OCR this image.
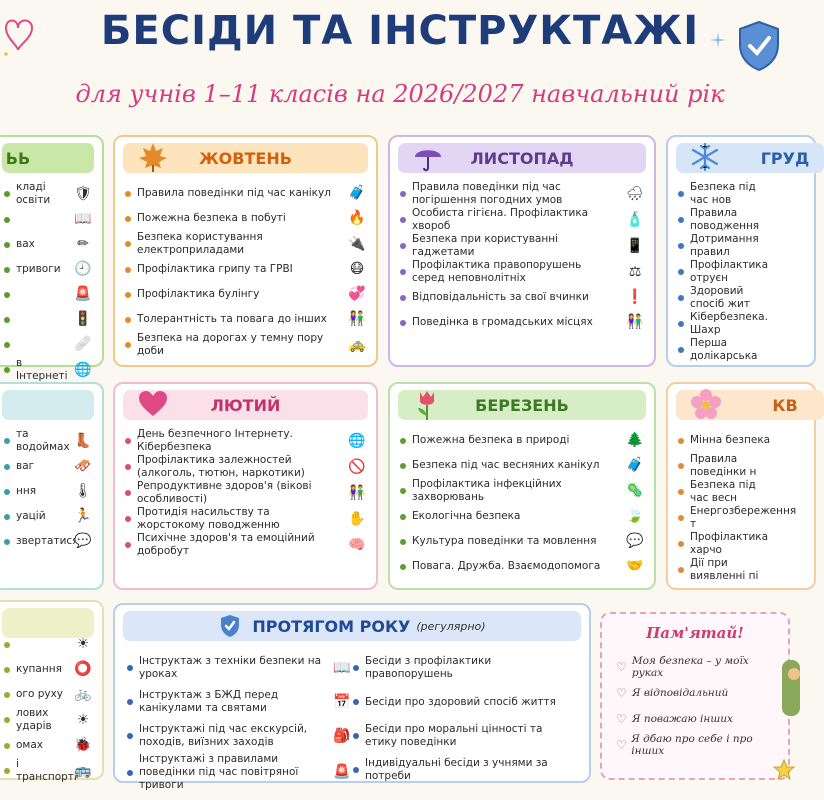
БЕСІДИ ТА ІНСТРУКТАЖІ
для учнів 1–11 класів на 2026/2027 навчальний рік
ЬЬ
кладі освіти	🛡
📖
вах	✏
тривоги 🕘
🚨
🚦
🩹
в Інтернеті 🌐
ЖОВТЕНЬ
Правила поведінки під час канікул 🧳
Пожежна безпека в побуті	🔥
Безпека користування електроприладами	🔌
Профілактика грипу та ГРВІ	😷
Профілактика булінгу	💞
Толерантність та повага до інших 👫
Безпека на дорогах у темну пору доби	🚕
ЛИСТОПАД
Правила поведінки під час погіршення погодних умов	🌧
Особиста гігієна. Профілактика хвороб	🧴
Безпека при користуванні гаджетами	📱
Профілактика правопорушень серед неповнолітніх	⚖
Відповідальність за свої вчинки	❗
Поведінка в громадських місцях 👫
ГРУД
Безпека під час нов
Правила поводження
Дотримання правил
Профілактика отруєн
Здоровий спосіб жит
Кібербезпека. Шахр
Перша долікарська
та водоймах 👢
ваг	🛷
ння	🌡
уацій 🏃
звертатися
💬
ЛЮТИЙ
День безпечного Інтернету. Кібербезпека	🌐
Профілактика залежностей (алкоголь, тютюн, наркотики)	🚫
Репродуктивне здоров'я (вікові особливості)	👫
Протидія насильству та жорстокому поводженню	✋
Психічне здоров'я та емоційний добробут	🧠
БЕРЕЗЕНЬ
Пожежна безпека в природі	🌲
Безпека під час весняних канікул 🧳
Профілактика інфекційних захворювань	🦠
Екологічна безпека	🍃
Культура поведінки та мовлення 💬
Повага. Дружба. Взаємодопомога 🤝
КВ
Мінна безпека
Правила поведінки н
Безпека під час весн
Енергозбереження т
Профілактика харчо
Дії при виявленні пі
☀
купання ⭕
ого руху 🚲
лових ударів	☀
омах 🐞
і транспорті
🚌
ПРОТЯГОМ РОКУ (регулярно)
Інструктаж з техніки безпеки на уроках	📖
Інструктаж з БЖД перед канікулами та святами	📅
Інструктажі під час екскурсій, походів, виїзних заходів	🎒
Інструктажі з правилами поведінки під час повітряної тривоги
🚨
Бесіди з профілактики правопорушень
Бесіди про здоровий спосіб життя
Бесіди про моральні цінності та етику поведінки
Індивідуальні бесіди з учнями за потреби
Пам'ятай!
♡ Моя безпека – у моїх руках
♡ Я відповідальний
♡ Я поважаю інших
♡ Я дбаю про себе і про інших
